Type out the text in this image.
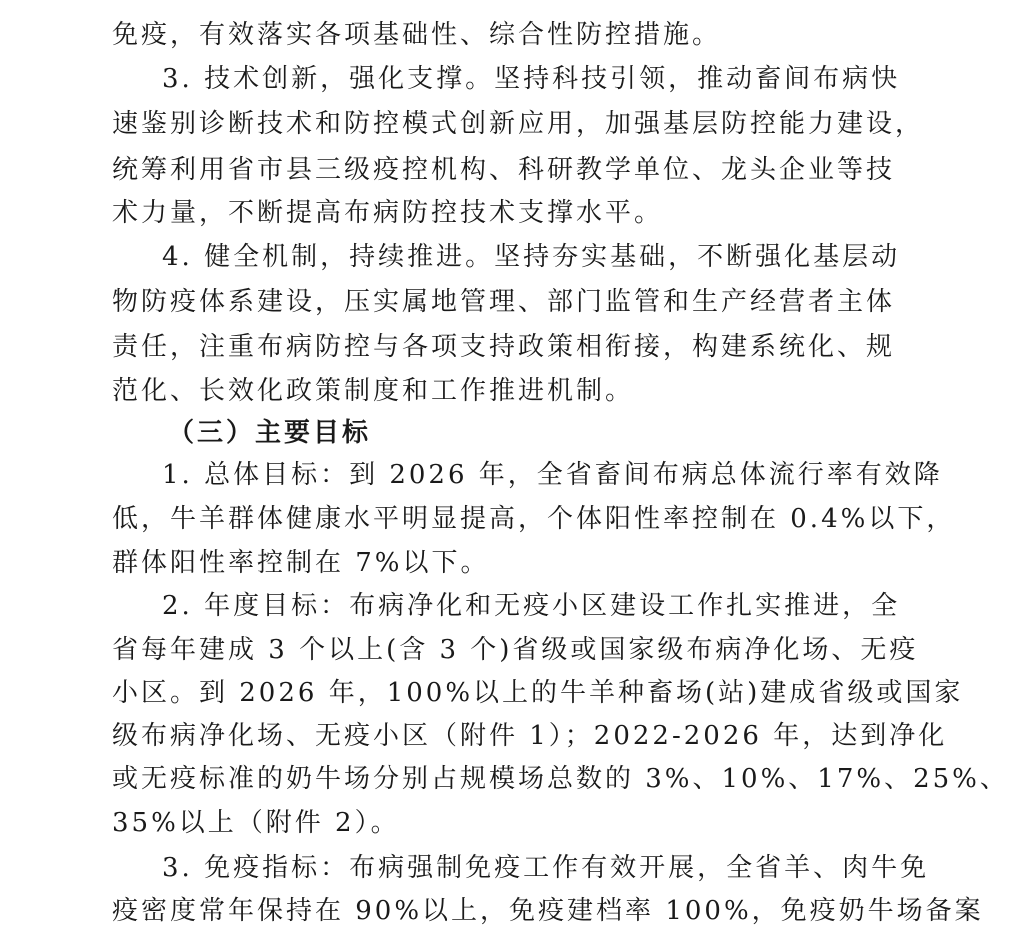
免疫，有效落实各项基础性、综合性防控措施。
3. 技术创新，强化支撑。坚持科技引领，推动畜间布病快
速鉴别诊断技术和防控模式创新应用，加强基层防控能力建设，
统筹利用省市县三级疫控机构、科研教学单位、龙头企业等技
术力量，不断提高布病防控技术支撑水平。
4. 健全机制，持续推进。坚持夯实基础，不断强化基层动
物防疫体系建设，压实属地管理、部门监管和生产经营者主体
责任，注重布病防控与各项支持政策相衔接，构建系统化、规
范化、长效化政策制度和工作推进机制。
（三）主要目标
1. 总体目标：到 2026 年，全省畜间布病总体流行率有效降
低，牛羊群体健康水平明显提高，个体阳性率控制在 0.4%以下，
群体阳性率控制在 7%以下。
2. 年度目标：布病净化和无疫小区建设工作扎实推进，全
省每年建成 3 个以上(含 3 个)省级或国家级布病净化场、无疫
小区。到 2026 年，100%以上的牛羊种畜场(站)建成省级或国家
级布病净化场、无疫小区（附件 1）；2022-2026 年，达到净化
或无疫标准的奶牛场分别占规模场总数的 3%、10%、17%、25%、
35%以上（附件 2）。
3. 免疫指标：布病强制免疫工作有效开展，全省羊、肉牛免
疫密度常年保持在 90%以上，免疫建档率 100%，免疫奶牛场备案
